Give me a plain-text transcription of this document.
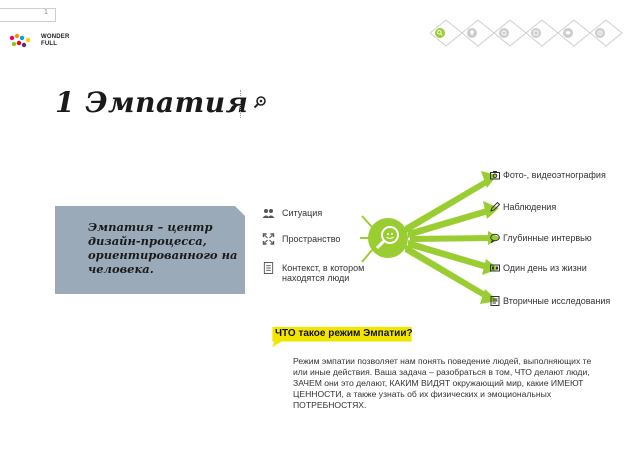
1
WONDER
FULL
1 Эмпатия
Эмпатия – центр дизайн-процесса, ориентированного на человека.
Ситуация
Пространство
Контекст, в котором находятся люди
Фото-, видеоэтнография
Наблюдения
Глубинные интервью
Один день из жизни
Вторичные исследования
ЧТО такое режим Эмпатии?
Режим эмпатии позволяет нам понять поведение людей, выполняющих те или иные действия. Ваша задача – разобраться в том, ЧТО делают люди, ЗАЧЕМ они это делают, КАКИМ ВИДЯТ окружающий мир, какие ИМЕЮТ ЦЕННОСТИ, а также узнать об их физических и эмоциональных ПОТРЕБНОСТЯХ.
